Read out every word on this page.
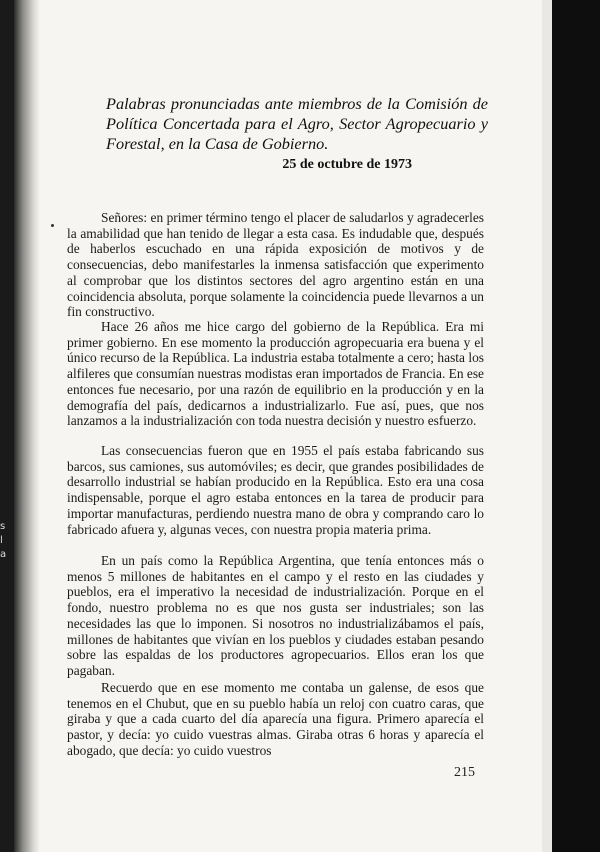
Palabras pronunciadas ante miembros de la Comisión de Política Concertada para el Agro, Sector Agropecuario y Forestal, en la Casa de Gobierno.

25 de octubre de 1973

Señores: en primer término tengo el placer de saludarlos y agradecerles la amabilidad que han tenido de llegar a esta casa. Es indudable que, después de haberlos escuchado en una rápida exposición de motivos y de consecuencias, debo manifestarles la inmensa satisfacción que experimento al comprobar que los distintos sectores del agro argentino están en una coincidencia absoluta, porque solamente la coincidencia puede llevarnos a un fin constructivo.

Hace 26 años me hice cargo del gobierno de la República. Era mi primer gobierno. En ese momento la producción agropecuaria era buena y el único recurso de la República. La industria estaba totalmente a cero; hasta los alfileres que consumían nuestras modistas eran importados de Francia. En ese entonces fue necesario, por una razón de equilibrio en la producción y en la demografía del país, dedicarnos a industrializarlo. Fue así, pues, que nos lanzamos a la industrialización con toda nuestra decisión y nuestro esfuerzo.

Las consecuencias fueron que en 1955 el país estaba fabricando sus barcos, sus camiones, sus automóviles; es decir, que grandes posibilidades de desarrollo industrial se habían producido en la República. Esto era una cosa indispensable, porque el agro estaba entonces en la tarea de producir para importar manufacturas, perdiendo nuestra mano de obra y comprando caro lo fabricado afuera y, algunas veces, con nuestra propia materia prima.

En un país como la República Argentina, que tenía entonces más o menos 5 millones de habitantes en el campo y el resto en las ciudades y pueblos, era el imperativo la necesidad de industrialización. Porque en el fondo, nuestro problema no es que nos gusta ser industriales; son las necesidades las que lo imponen. Si nosotros no industrializábamos el país, millones de habitantes que vivían en los pueblos y ciudades estaban pesando sobre las espaldas de los productores agropecuarios. Ellos eran los que pagaban.

Recuerdo que en ese momento me contaba un galense, de esos que tenemos en el Chubut, que en su pueblo había un reloj con cuatro caras, que giraba y que a cada cuarto del día aparecía una figura. Primero aparecía el pastor, y decía: yo cuido vuestras almas. Giraba otras 6 horas y aparecía el abogado, que decía: yo cuido vuestros

215

s
l
a
